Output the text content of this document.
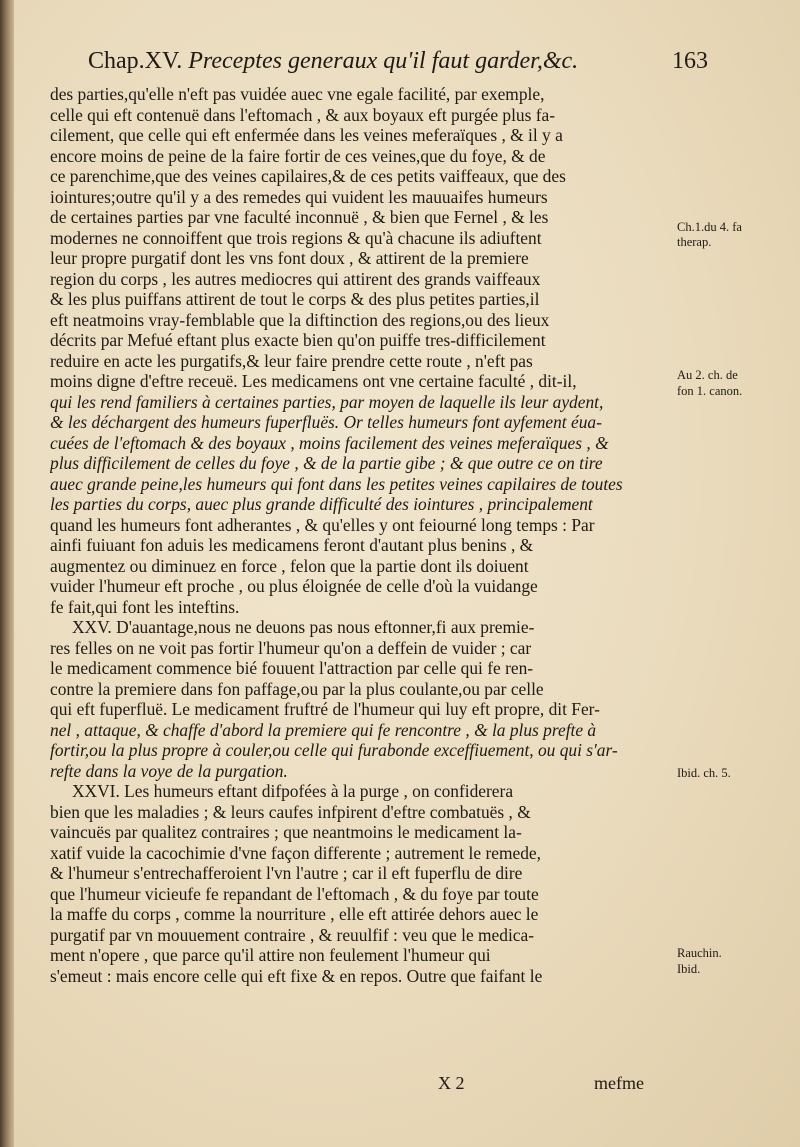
Chap.XV. Preceptes generaux qu'il faut garder,&c.	163
des parties,qu'elle n'eft pas vuidée auec vne egale facilité, par exemple,
celle qui eft contenuë dans l'eftomach , & aux boyaux eft purgée plus fa-
cilement, que celle qui eft enfermée dans les veines meferaïques , & il y a
encore moins de peine de la faire fortir de ces veines,que du foye, & de
ce parenchime,que des veines capilaires,& de ces petits vaiffeaux, que des
iointures;outre qu'il y a des remedes qui vuident les mauuaifes humeurs
de certaines parties par vne faculté inconnuë , & bien que Fernel , & les
modernes ne connoiffent que trois regions & qu'à chacune ils adiuftent
leur propre purgatif dont les vns font doux , & attirent de la premiere
region du corps , les autres mediocres qui attirent des grands vaiffeaux
& les plus puiffans attirent de tout le corps & des plus petites parties,il
eft neatmoins vray-femblable que la diftinction des regions,ou des lieux
décrits par Mefué eftant plus exacte bien qu'on puiffe tres-difficilement
reduire en acte les purgatifs,& leur faire prendre cette route , n'eft pas
moins digne d'eftre receuë. Les medicamens ont vne certaine faculté , dit-il,
qui les rend familiers à certaines parties, par moyen de laquelle ils leur aydent,
& les déchargent des humeurs fuperfluës. Or telles humeurs font ayfement éua-
cuées de l'eftomach & des boyaux , moins facilement des veines meferaïques , &
plus difficilement de celles du foye , & de la partie gibe ; & que outre ce on tire
auec grande peine,les humeurs qui font dans les petites veines capilaires de toutes
les parties du corps, auec plus grande difficulté des iointures , principalement
quand les humeurs font adherantes , & qu'elles y ont feiourné long temps : Par
ainfi fuiuant fon aduis les medicamens feront d'autant plus benins , &
augmentez ou diminuez en force , felon que la partie dont ils doiuent
vuider l'humeur eft proche , ou plus éloignée de celle d'où la vuidange
fe fait,qui font les inteftins.
XXV. D'auantage,nous ne deuons pas nous eftonner,fi aux premie-
res felles on ne voit pas fortir l'humeur qu'on a deffein de vuider ; car
le medicament commence bié fouuent l'attraction par celle qui fe ren-
contre la premiere dans fon paffage,ou par la plus coulante,ou par celle
qui eft fuperfluë. Le medicament fruftré de l'humeur qui luy eft propre, dit Fer-
nel , attaque, & chaffe d'abord la premiere qui fe rencontre , & la plus prefte à
fortir,ou la plus propre à couler,ou celle qui furabonde exceffiuement, ou qui s'ar-
refte dans la voye de la purgation.
XXVI. Les humeurs eftant difpofées à la purge , on confiderera
bien que les maladies ; & leurs caufes infpirent d'eftre combatuës , &
vaincuës par qualitez contraires ; que neantmoins le medicament la-
xatif vuide la cacochimie d'vne façon differente ; autrement le remede,
& l'humeur s'entrechafferoient l'vn l'autre ; car il eft fuperflu de dire
que l'humeur vicieufe fe repandant de l'eftomach , & du foye par toute
la maffe du corps , comme la nourriture , elle eft attirée dehors auec le
purgatif par vn mouuement contraire , & reuulfif : veu que le medica-
ment n'opere , que parce qu'il attire non feulement l'humeur qui
s'emeut : mais encore celle qui eft fixe & en repos. Outre que faifant le
Ch.1.du 4. fa
therap.
Au 2. ch. de
fon 1. canon.
Ibid. ch. 5.
Rauchin.
Ibid.
X 2	mefme
